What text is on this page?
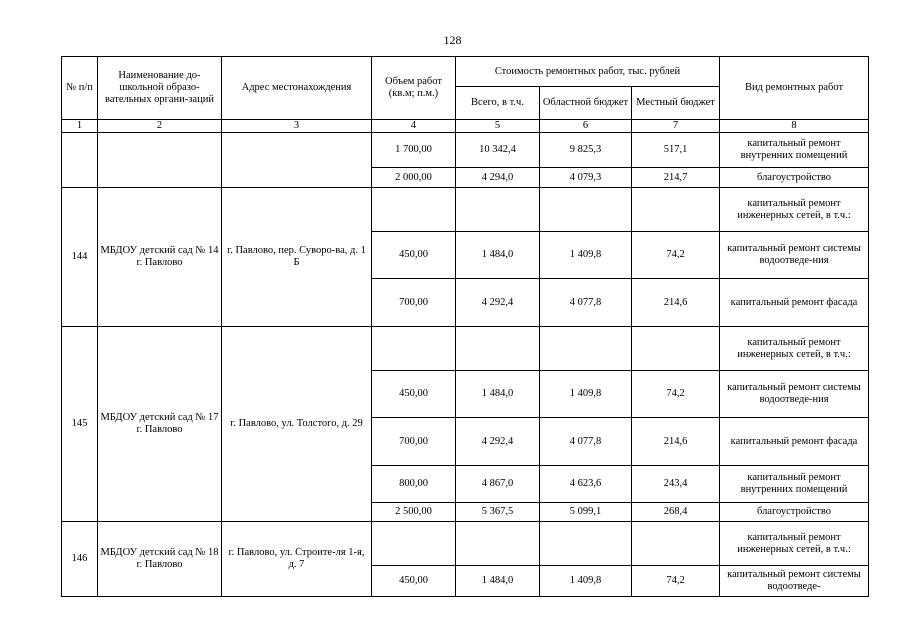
128
№ п/п	Наименование до-школьной образо-вательных органи-заций	Адрес местонахождения	Объем работ (кв.м; п.м.)	Стоимость ремонтных работ, тыс. рублей			Вид ремонтных работ
				Всего, в т.ч.	Областной бюджет	Местный бюджет	
1	2	3	4	5	6	7	8
			1 700,00	10 342,4	9 825,3	517,1	капитальный ремонт внутренних помещений
			2 000,00	4 294,0	4 079,3	214,7	благоустройство
144	МБДОУ детский сад № 14 г. Павлово	г. Павлово, пер. Суворо-ва, д. 1 Б					капитальный ремонт инженерных сетей, в т.ч.:
			450,00	1 484,0	1 409,8	74,2	капитальный ремонт системы водоотведе-ния
			700,00	4 292,4	4 077,8	214,6	капитальный ремонт фасада
145	МБДОУ детский сад № 17 г. Павлово	г. Павлово, ул. Толстого, д. 29					капитальный ремонт инженерных сетей, в т.ч.:
			450,00	1 484,0	1 409,8	74,2	капитальный ремонт системы водоотведе-ния
			700,00	4 292,4	4 077,8	214,6	капитальный ремонт фасада
			800,00	4 867,0	4 623,6	243,4	капитальный ремонт внутренних помещений
			2 500,00	5 367,5	5 099,1	268,4	благоустройство
146	МБДОУ детский сад № 18 г. Павлово	г. Павлово, ул. Строите-ля 1-я, д. 7					капитальный ремонт инженерных сетей, в т.ч.:
			450,00	1 484,0	1 409,8	74,2	капитальный ремонт системы водоотведе-
